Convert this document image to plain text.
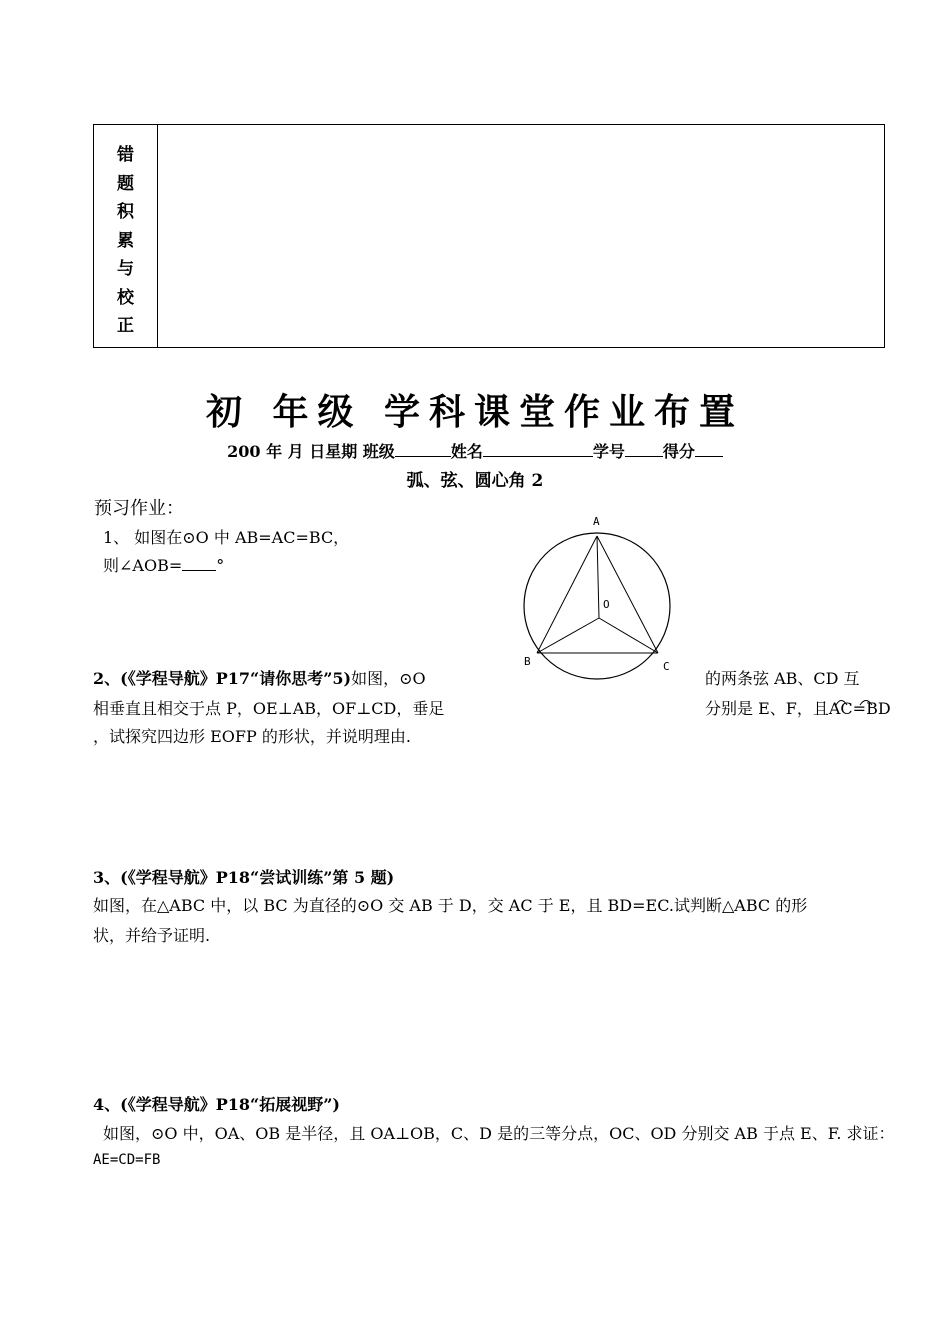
错
题
积
累
与
校
正
初 年级 学科课堂作业布置
200 年 月 日星期 班级	姓名	学号 得分
弧、弦、圆心角 2
预习作业：
1、 如图在⊙O 中 AB=AC=BC，
则∠AOB= °
A
B	C
O
2、(《学程导航》P17“请你思考”5)如图，⊙O	的两条弦 AB、CD 互
相垂直且相交于点 P，OE⊥AB，OF⊥CD，垂足	分别是 E、F，且AC=BD
，试探究四边形 EOFP 的形状，并说明理由.
3、(《学程导航》P18“尝试训练”第 5 题)
如图，在△ABC 中，以 BC 为直径的⊙O 交 AB 于 D，交 AC 于 E，且 BD=EC.试判断△ABC 的形
状，并给予证明.
4、(《学程导航》P18“拓展视野”)
如图，⊙O 中，OA、OB 是半径，且 OA⊥OB，C、D 是的三等分点，OC、OD 分别交 AB 于点 E、F. 求证：
AE=CD=FB
